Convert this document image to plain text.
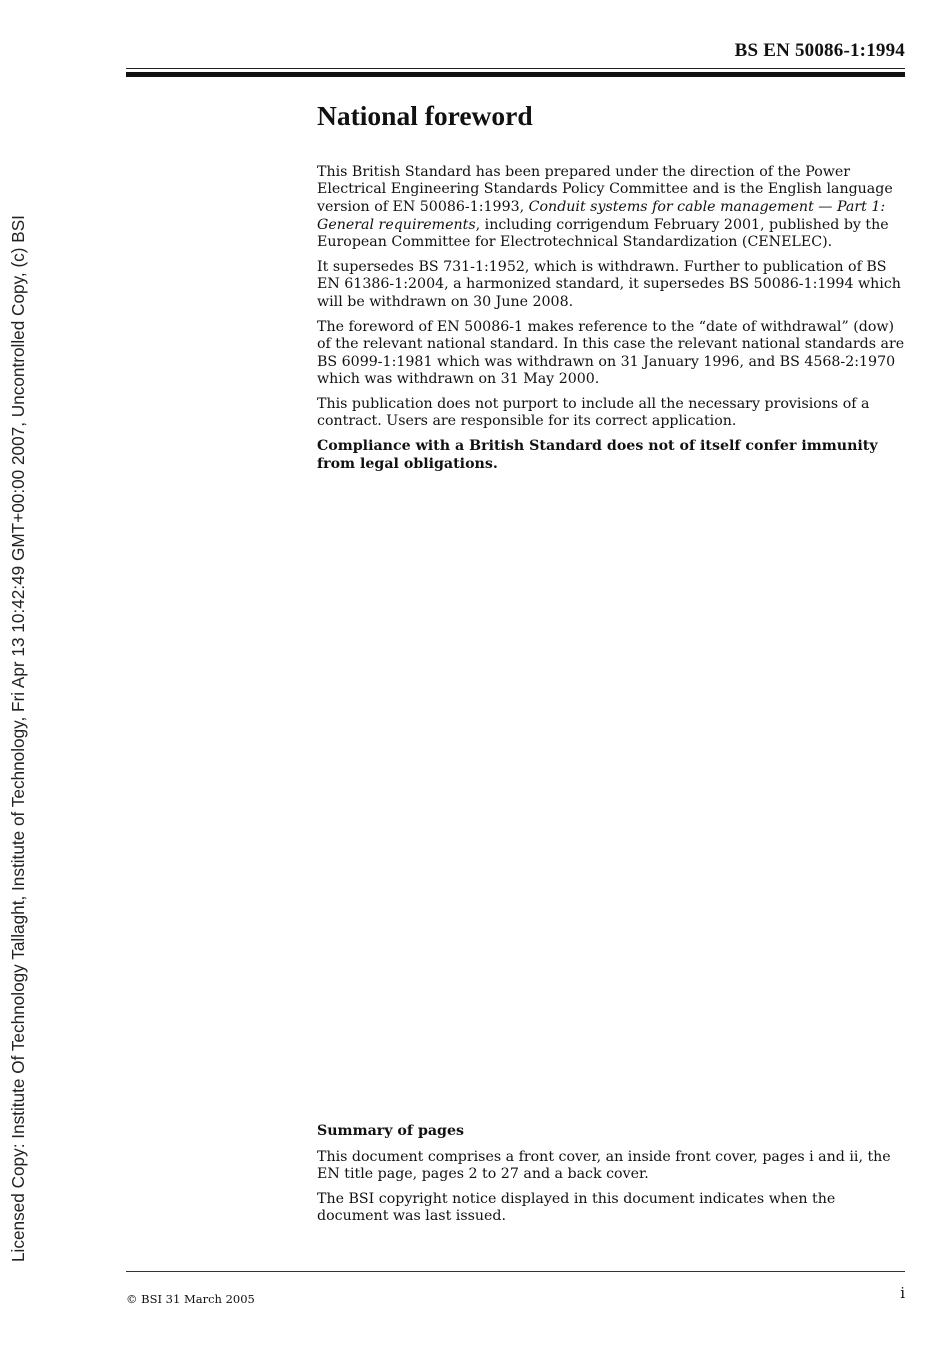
BS EN 50086-1:1994
Licensed Copy: Institute Of Technology Tallaght, Institute of Technology, Fri Apr 13 10:42:49 GMT+00:00 2007, Uncontrolled Copy, (c) BSI
National foreword

This British Standard has been prepared under the direction of the Power Electrical Engineering Standards Policy Committee and is the English language version of EN 50086-1:1993, Conduit systems for cable management — Part 1: General requirements, including corrigendum February 2001, published by the European Committee for Electrotechnical Standardization (CENELEC).

It supersedes BS 731-1:1952, which is withdrawn. Further to publication of BS EN 61386-1:2004, a harmonized standard, it supersedes BS 50086-1:1994 which will be withdrawn on 30 June 2008.

The foreword of EN 50086-1 makes reference to the “date of withdrawal” (dow) of the relevant national standard. In this case the relevant national standards are BS 6099-1:1981 which was withdrawn on 31 January 1996, and BS 4568-2:1970 which was withdrawn on 31 May 2000.

This publication does not purport to include all the necessary provisions of a contract. Users are responsible for its correct application.

Compliance with a British Standard does not of itself confer immunity from legal obligations.

Summary of pages

This document comprises a front cover, an inside front cover, pages i and ii, the EN title page, pages 2 to 27 and a back cover.

The BSI copyright notice displayed in this document indicates when the document was last issued.

© BSI 31 March 2005	i
